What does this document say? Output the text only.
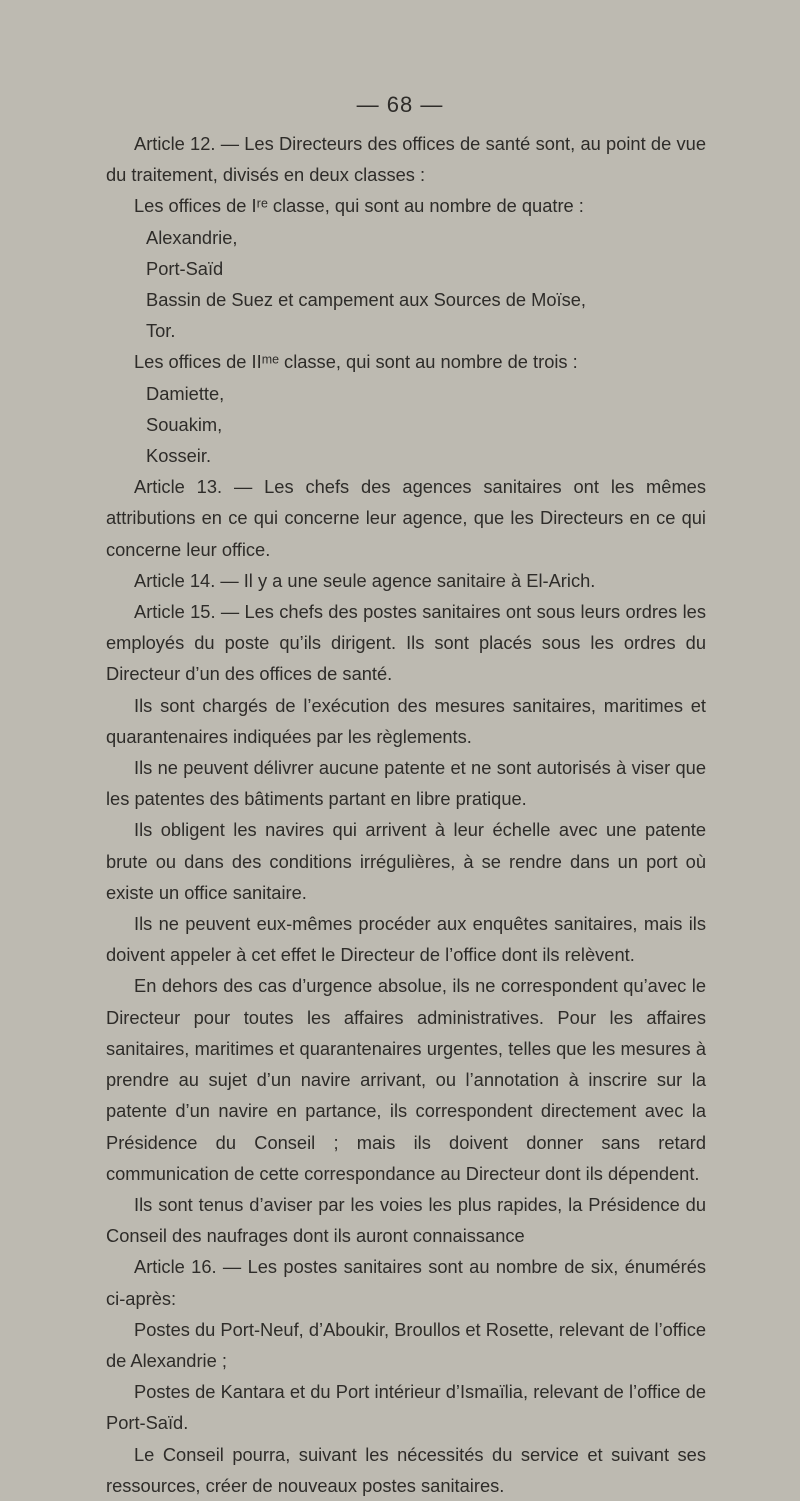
— 68 —

Article 12. — Les Directeurs des offices de santé sont, au point de vue du traitement, divisés en deux classes :

Les offices de Iʳᵉ classe, qui sont au nombre de quatre :

Alexandrie,

Port-Saïd

Bassin de Suez et campement aux Sources de Moïse,

Tor.

Les offices de IIᵐᵉ classe, qui sont au nombre de trois :

Damiette,

Souakim,

Kosseir.

Article 13. — Les chefs des agences sanitaires ont les mêmes attributions en ce qui concerne leur agence, que les Directeurs en ce qui concerne leur office.

Article 14. — Il y a une seule agence sanitaire à El-Arich.

Article 15. — Les chefs des postes sanitaires ont sous leurs ordres les employés du poste qu’ils dirigent. Ils sont placés sous les ordres du Directeur d’un des offices de santé.

Ils sont chargés de l’exécution des mesures sanitaires, maritimes et quarantenaires indiquées par les règlements.

Ils ne peuvent délivrer aucune patente et ne sont autorisés à viser que les patentes des bâtiments partant en libre pratique.

Ils obligent les navires qui arrivent à leur échelle avec une patente brute ou dans des conditions irrégulières, à se rendre dans un port où existe un office sanitaire.

Ils ne peuvent eux-mêmes procéder aux enquêtes sanitaires, mais ils doivent appeler à cet effet le Directeur de l’office dont ils relèvent.

En dehors des cas d’urgence absolue, ils ne correspondent qu’avec le Directeur pour toutes les affaires administratives. Pour les affaires sanitaires, maritimes et quarantenaires urgentes, telles que les mesures à prendre au sujet d’un navire arrivant, ou l’annotation à inscrire sur la patente d’un navire en partance, ils correspondent directement avec la Présidence du Conseil ; mais ils doivent donner sans retard communication de cette correspondance au Directeur dont ils dépendent.

Ils sont tenus d’aviser par les voies les plus rapides, la Présidence du Conseil des naufrages dont ils auront connaissance

Article 16. — Les postes sanitaires sont au nombre de six, énumérés ci-après:

Postes du Port-Neuf, d’Aboukir, Broullos et Rosette, relevant de l’office de Alexandrie ;

Postes de Kantara et du Port intérieur d’Ismaïlia, relevant de l’office de Port-Saïd.

Le Conseil pourra, suivant les nécessités du service et suivant ses ressources, créer de nouveaux postes sanitaires.
